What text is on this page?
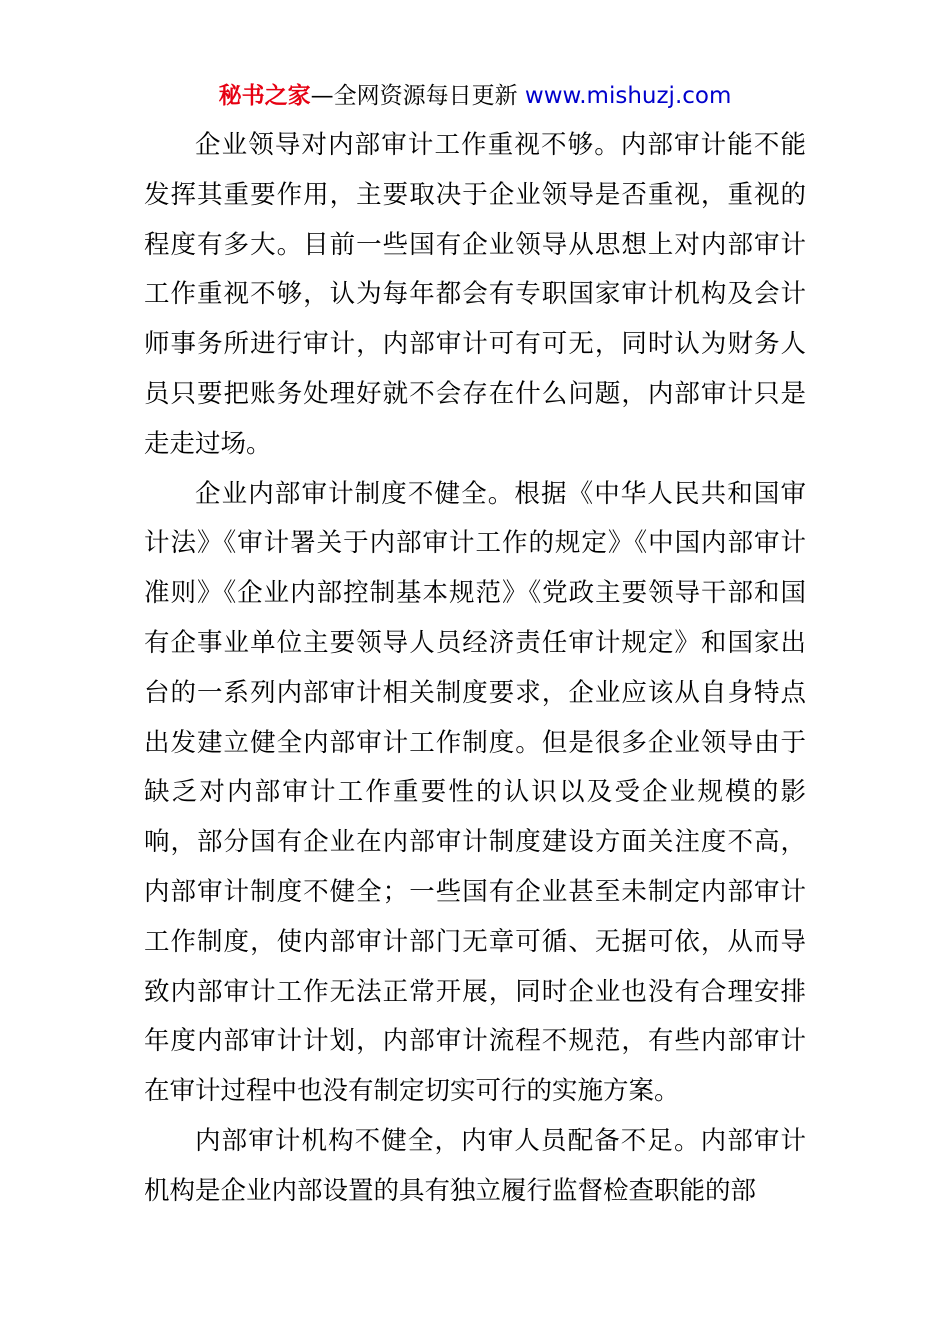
秘书之家—全网资源每日更新 www.mishuzj.com

企业领导对内部审计工作重视不够。内部审计能不能发挥其重要作用，主要取决于企业领导是否重视，重视的程度有多大。目前一些国有企业领导从思想上对内部审计工作重视不够，认为每年都会有专职国家审计机构及会计师事务所进行审计，内部审计可有可无，同时认为财务人员只要把账务处理好就不会存在什么问题，内部审计只是走走过场。

企业内部审计制度不健全。根据《中华人民共和国审计法》《审计署关于内部审计工作的规定》《中国内部审计准则》《企业内部控制基本规范》《党政主要领导干部和国有企事业单位主要领导人员经济责任审计规定》和国家出台的一系列内部审计相关制度要求，企业应该从自身特点出发建立健全内部审计工作制度。但是很多企业领导由于缺乏对内部审计工作重要性的认识以及受企业规模的影响，部分国有企业在内部审计制度建设方面关注度不高，内部审计制度不健全；一些国有企业甚至未制定内部审计工作制度，使内部审计部门无章可循、无据可依，从而导致内部审计工作无法正常开展，同时企业也没有合理安排年度内部审计计划，内部审计流程不规范，有些内部审计在审计过程中也没有制定切实可行的实施方案。

内部审计机构不健全，内审人员配备不足。内部审计机构是企业内部设置的具有独立履行监督检查职能的部
